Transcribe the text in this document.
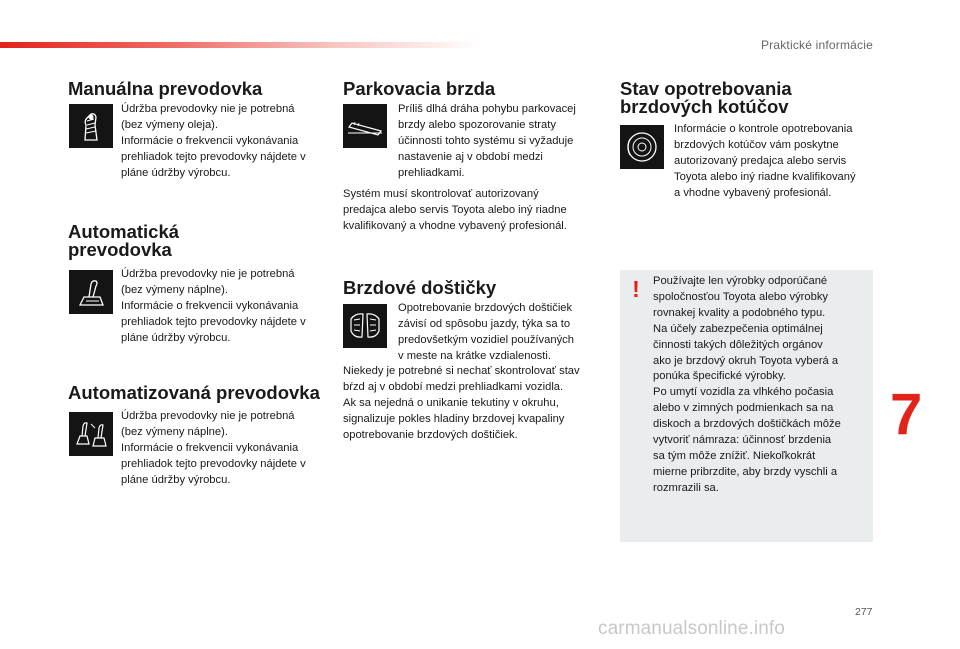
Praktické informácie
Manuálna prevodovka
Údržba prevodovky nie je potrebná
(bez výmeny oleja).
Informácie o frekvencii vykonávania
prehliadok tejto prevodovky nájdete v
pláne údržby výrobcu.
Automatická
prevodovka
Údržba prevodovky nie je potrebná
(bez výmeny náplne).
Informácie o frekvencii vykonávania
prehliadok tejto prevodovky nájdete v
pláne údržby výrobcu.
Automatizovaná prevodovka
Údržba prevodovky nie je potrebná
(bez výmeny náplne).
Informácie o frekvencii vykonávania
prehliadok tejto prevodovky nájdete v
pláne údržby výrobcu.
Parkovacia brzda
Príliš dlhá dráha pohybu parkovacej
brzdy alebo spozorovanie straty
účinnosti tohto systému si vyžaduje
nastavenie aj v období medzi
prehliadkami.
Systém musí skontrolovať autorizovaný
predajca alebo servis Toyota alebo iný riadne
kvalifikovaný a vhodne vybavený profesionál.
Brzdové doštičky
Opotrebovanie brzdových doštičiek
závisí od spôsobu jazdy, týka sa to
predovšetkým vozidiel používaných
v meste na krátke vzdialenosti.
Niekedy je potrebné si nechať skontrolovať stav
bŕzd aj v období medzi prehliadkami vozidla.
Ak sa nejedná o unikanie tekutiny v okruhu,
signalizuje pokles hladiny brzdovej kvapaliny
opotrebovanie brzdových doštičiek.
Stav opotrebovania
brzdových kotúčov
Informácie o kontrole opotrebovania
brzdových kotúčov vám poskytne
autorizovaný predajca alebo servis
Toyota alebo iný riadne kvalifikovaný
a vhodne vybavený profesionál.
! Používajte len výrobky odporúčané
spoločnosťou Toyota alebo výrobky
rovnakej kvality a podobného typu.
Na účely zabezpečenia optimálnej
činnosti takých dôležitých orgánov
ako je brzdový okruh Toyota vyberá a
ponúka špecifické výrobky.
Po umytí vozidla za vlhkého počasia
alebo v zimných podmienkach sa na
diskoch a brzdových doštičkách môže
vytvoriť námraza: účinnosť brzdenia
sa tým môže znížiť. Niekoľkokrát
mierne pribrzdite, aby brzdy vyschli a
rozmrazili sa.
7
277
carmanualsonline.info
